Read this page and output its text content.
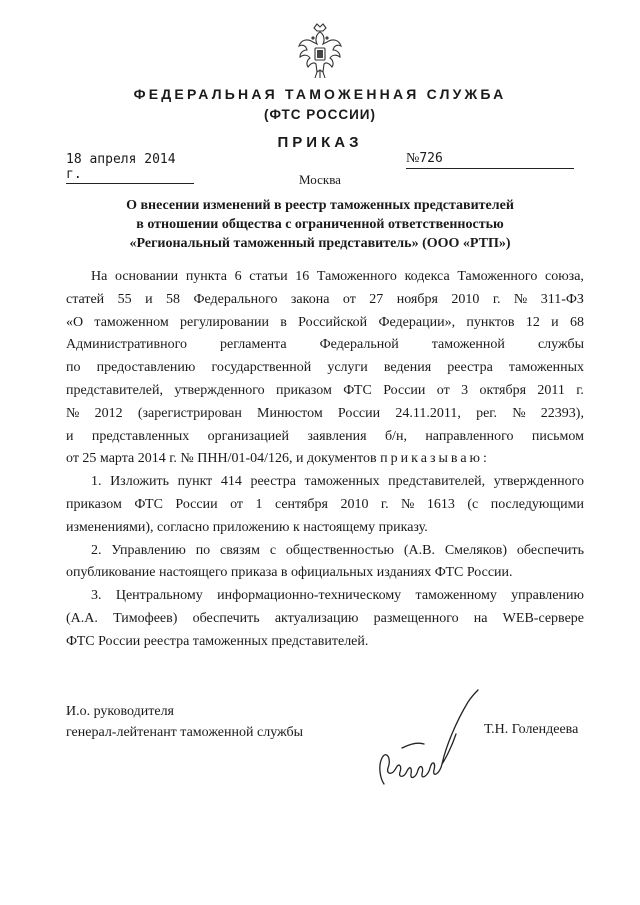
ФЕДЕРАЛЬНАЯ ТАМОЖЕННАЯ СЛУЖБА
(ФТС РОССИИ)
ПРИКАЗ
18 апреля 2014 г.
№726
Москва
О внесении изменений в реестр таможенных представителей
в отношении общества с ограниченной ответственностью
«Региональный таможенный представитель» (ООО «РТП»)
На основании пункта 6 статьи 16 Таможенного кодекса Таможенного союза,
статей 55 и 58 Федерального закона от 27 ноября 2010 г. № 311-ФЗ
«О таможенном регулировании в Российской Федерации», пунктов 12 и 68
Административного регламента Федеральной таможенной службы
по предоставлению государственной услуги ведения реестра таможенных
представителей, утвержденного приказом ФТС России от 3 октября 2011 г.
№ 2012 (зарегистрирован Минюстом России 24.11.2011, рег. № 22393),
и представленных организацией заявления б/н, направленного письмом
от 25 марта 2014 г. № ПНН/01-04/126, и документов приказываю:
1. Изложить пункт 414 реестра таможенных представителей, утвержденного
приказом ФТС России от 1 сентября 2010 г. № 1613 (с последующими
изменениями), согласно приложению к настоящему приказу.
2. Управлению по связям с общественностью (А.В. Смеляков) обеспечить
опубликование настоящего приказа в официальных изданиях ФТС России.
3. Центральному информационно-техническому таможенному управлению
(А.А. Тимофеев) обеспечить актуализацию размещенного на WEB-сервере
ФТС России реестра таможенных представителей.
И.о. руководителя
генерал-лейтенант таможенной службы	Т.Н. Голендеева
